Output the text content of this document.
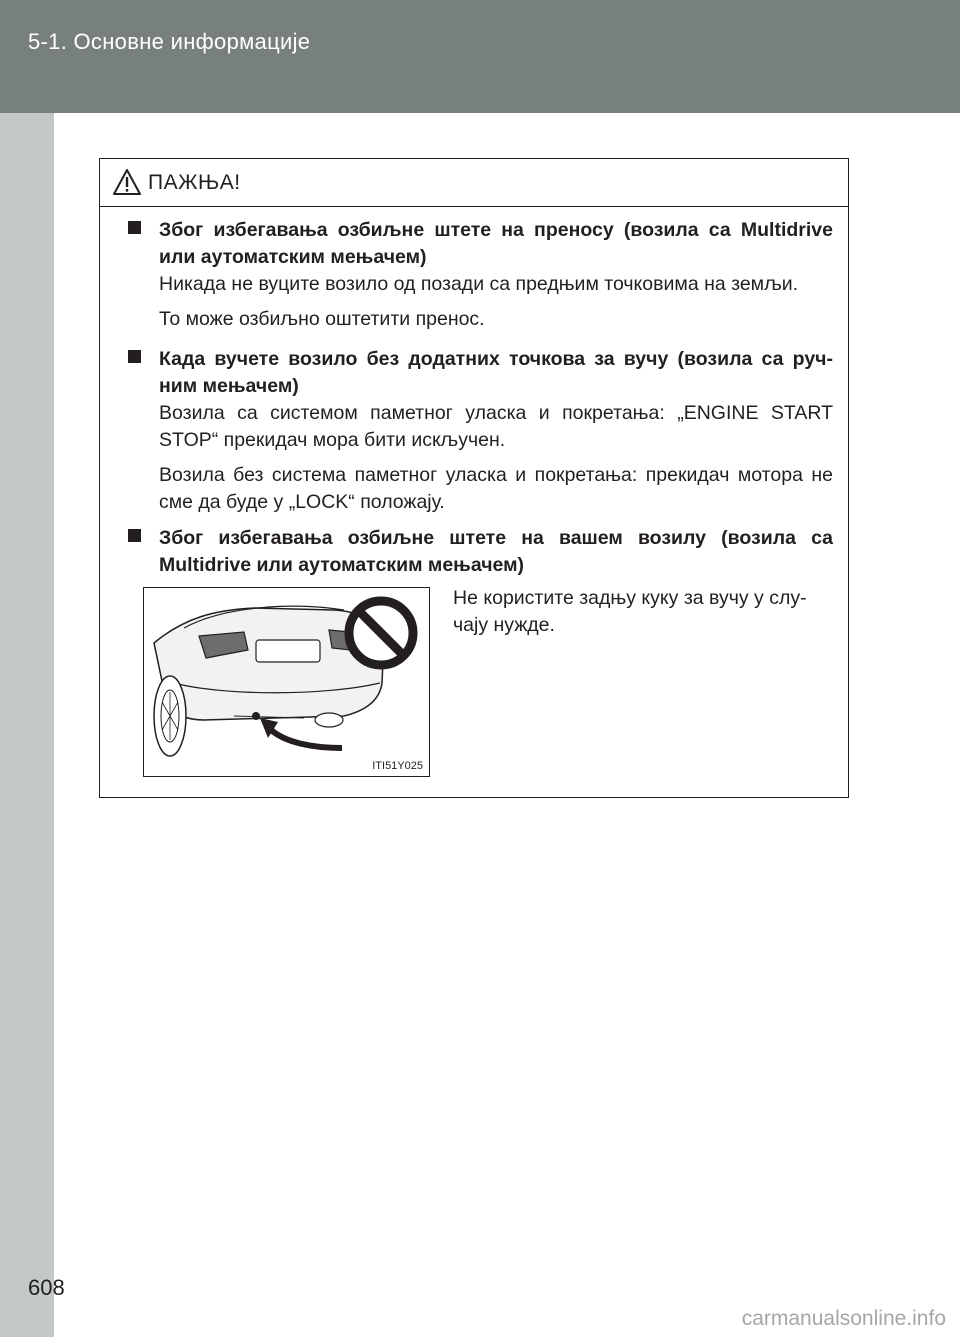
5-1. Основне информације
608
ПАЖЊА!
Због избегавања озбиљне штете на преносу (возила са Multidrive или аутоматским мењачем)
Никада не вуците возило од позади са предњим точковима на земљи.
То може озбиљно оштетити пренос.
Када вучете возило без додатних точкова за вучу (возила са руч-ним мењачем)
Возила са системом паметног уласка и покретања: „ENGINE START STOP“ прекидач мора бити искључен.
Возила без система паметног уласка и покретања: прекидач мотора не сме да буде у „LOCK“ положају.
Због избегавања озбиљне штете на вашем возилу (возила са Multidrive или аутоматским мењачем)
ITI51Y025
Не користите задњу куку за вучу у слу-чају нужде.
carmanualsonline.info
